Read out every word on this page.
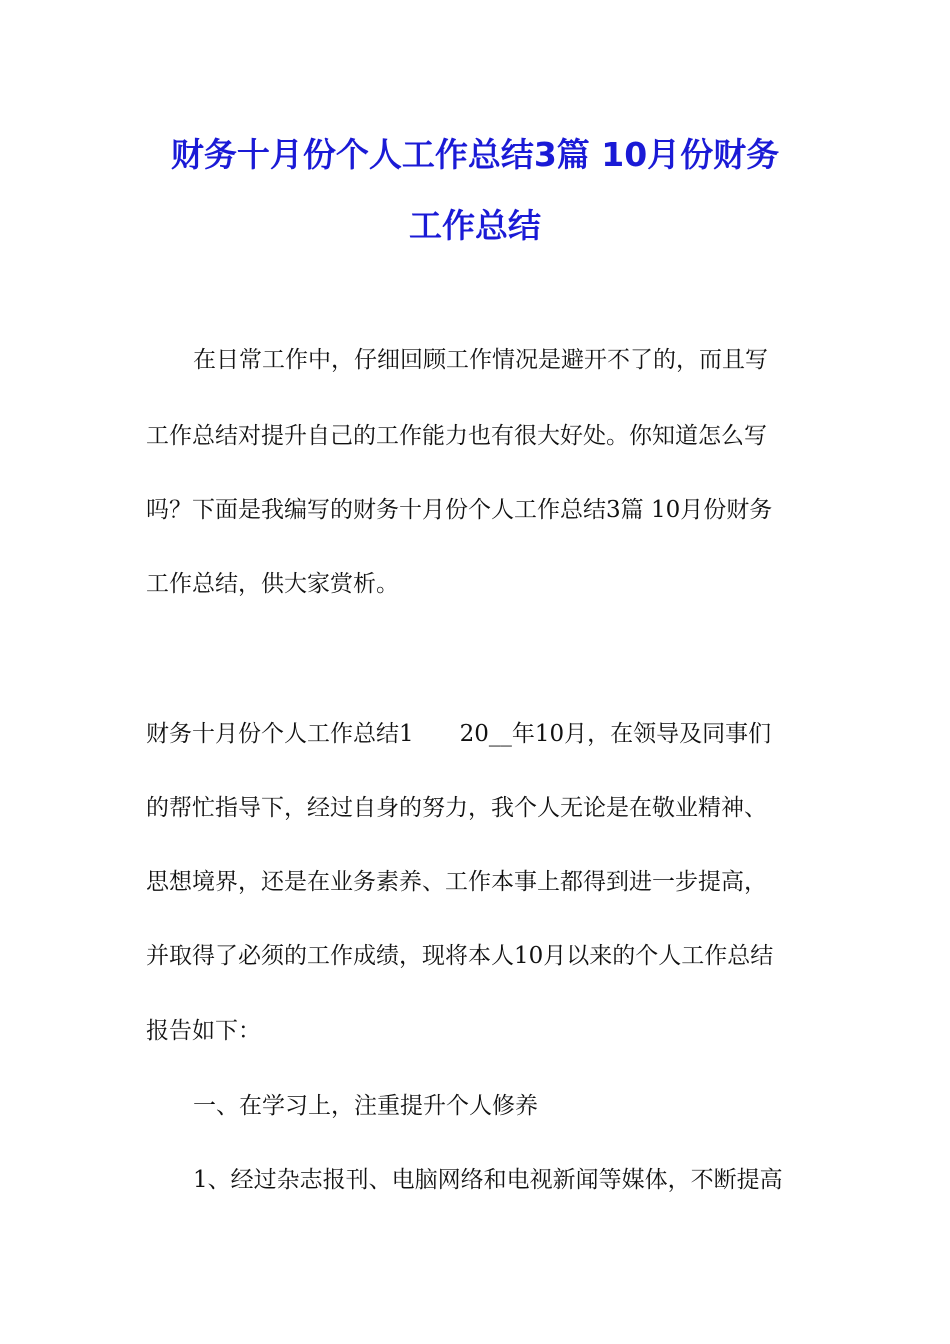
财务十月份个人工作总结3篇 10月份财务
工作总结
在日常工作中，仔细回顾工作情况是避开不了的，而且写
工作总结对提升自己的工作能力也有很大好处。你知道怎么写
吗？下面是我编写的财务十月份个人工作总结3篇 10月份财务
工作总结，供大家赏析。
财务十月份个人工作总结1　　20__年10月，在领导及同事们
的帮忙指导下，经过自身的努力，我个人无论是在敬业精神、
思想境界，还是在业务素养、工作本事上都得到进一步提高，
并取得了必须的工作成绩，现将本人10月以来的个人工作总结
报告如下：
一、在学习上，注重提升个人修养
1、经过杂志报刊、电脑网络和电视新闻等媒体，不断提高
